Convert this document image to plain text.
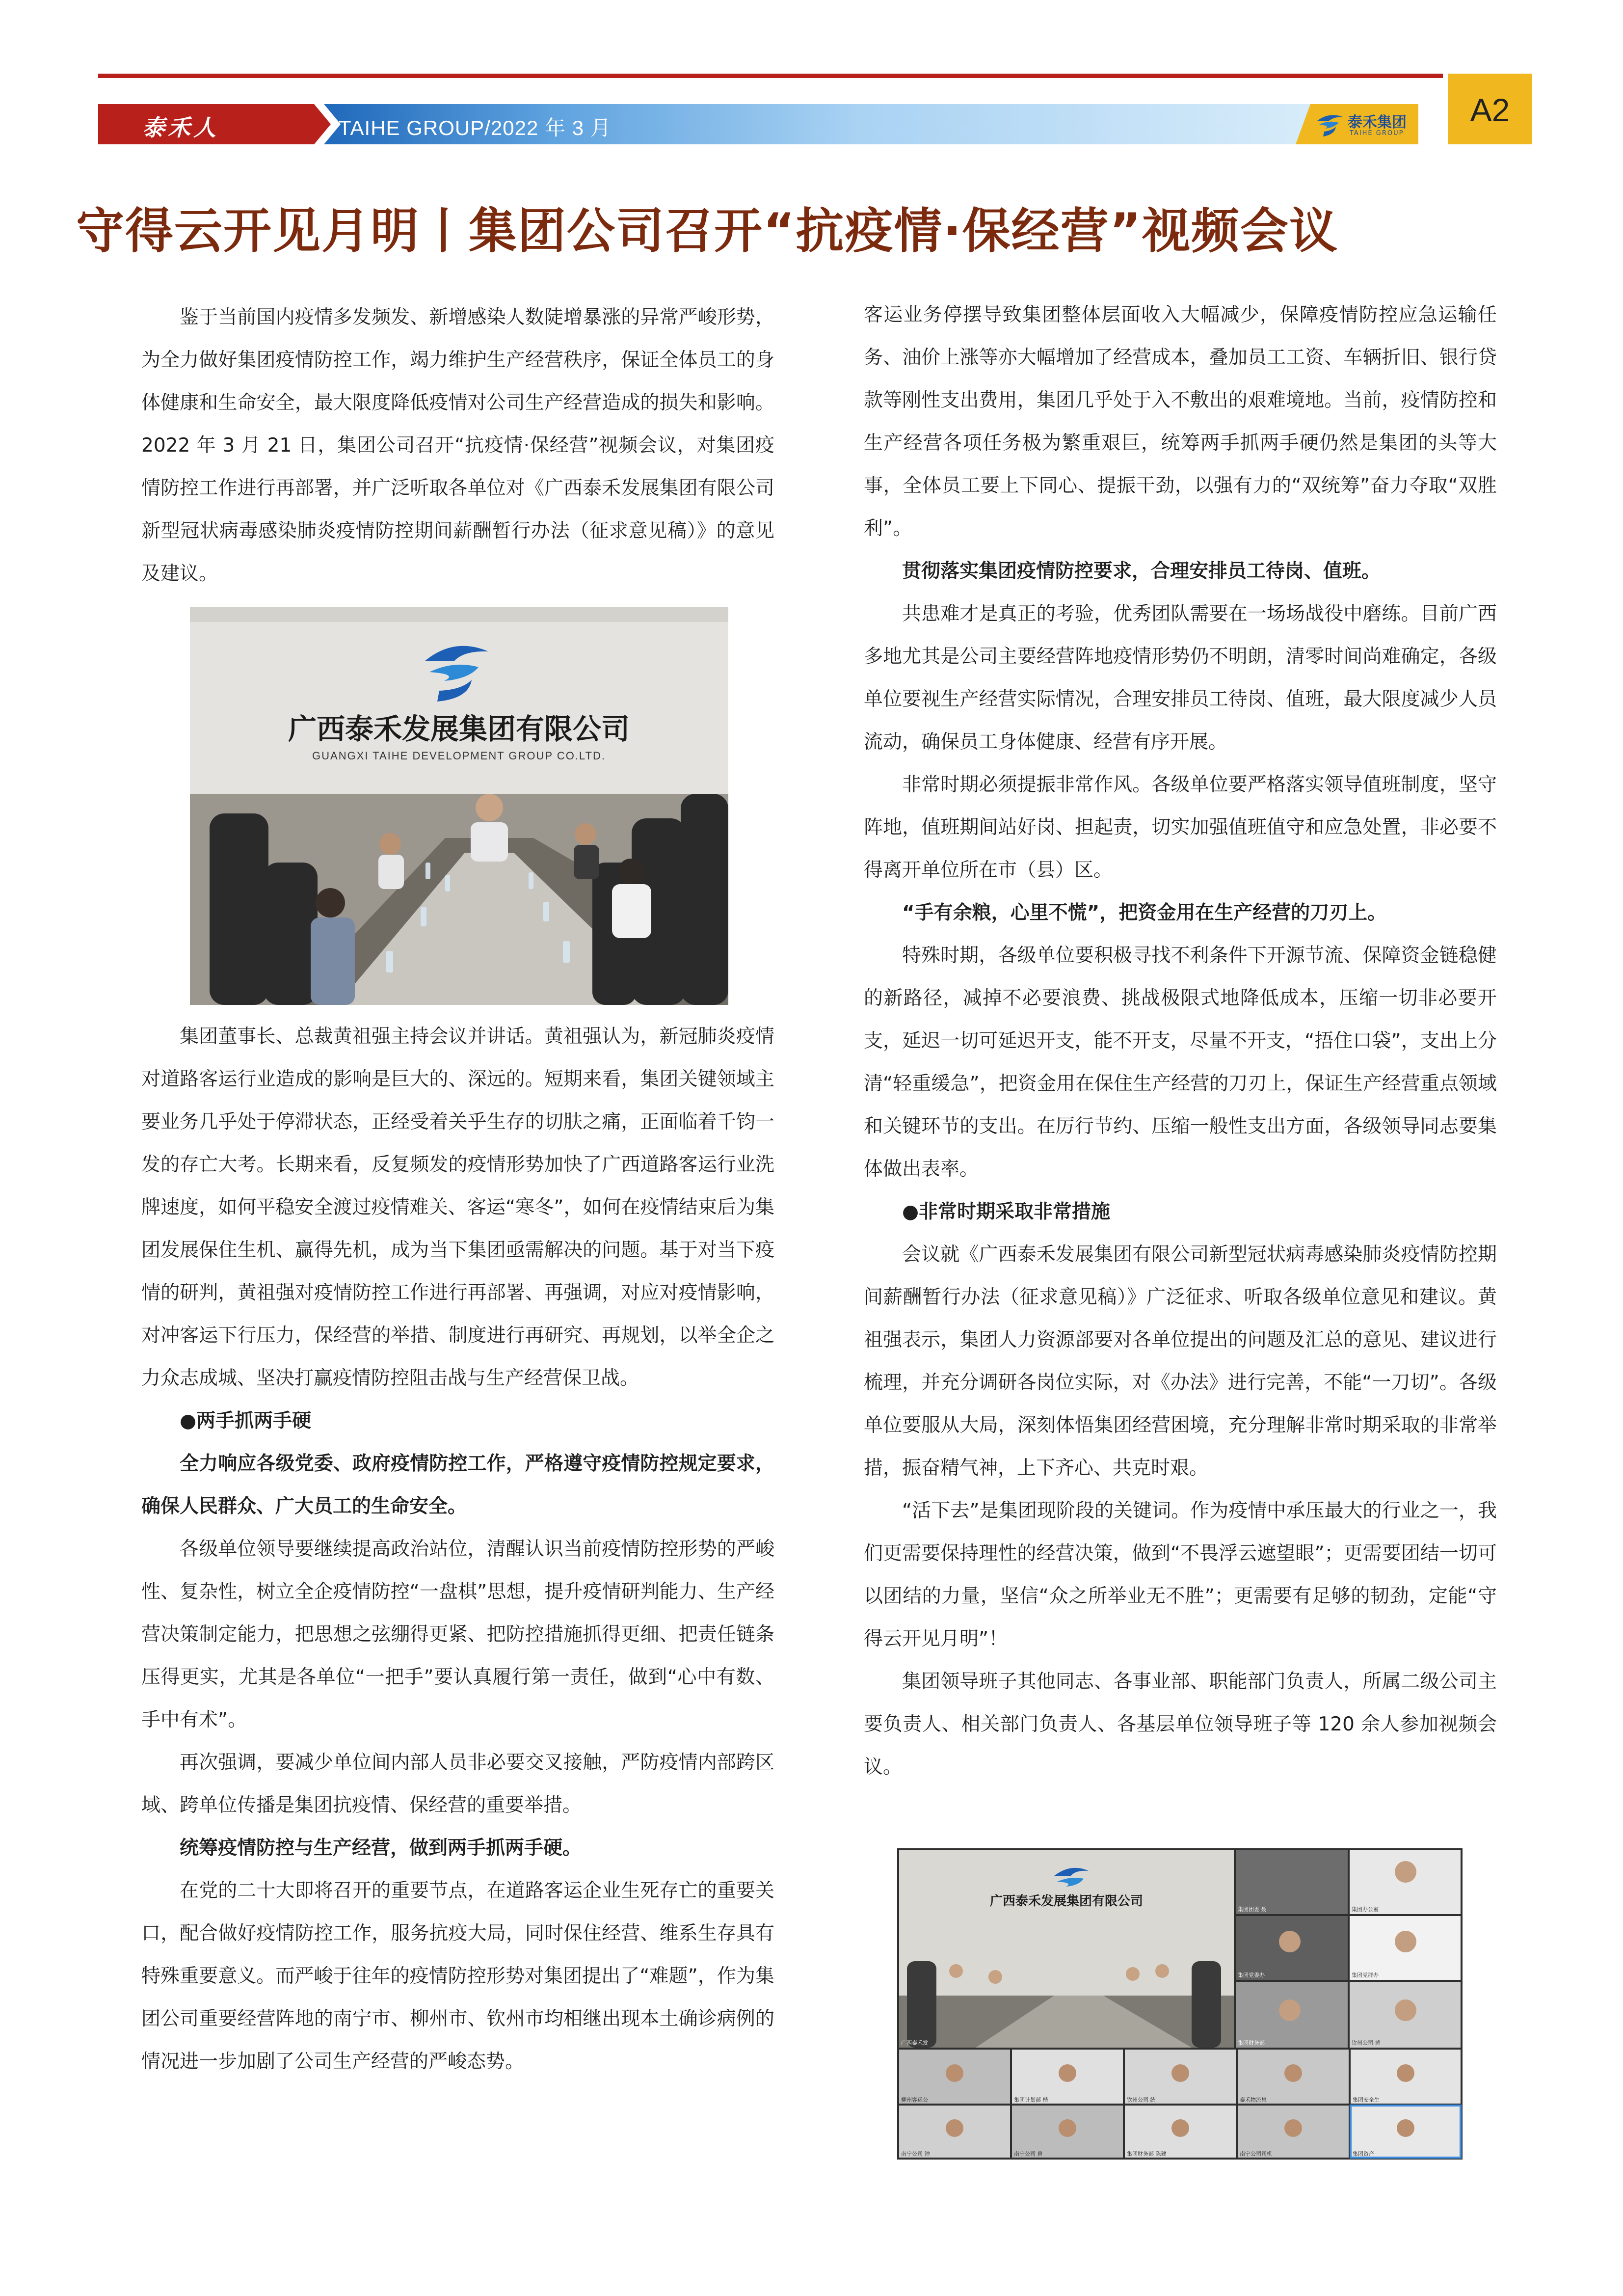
泰禾人	TAIHE GROUP/2022 年 3 月	泰禾集团
TAIHE GROUP
A2
守得云开见月明丨集团公司召开“抗疫情·保经营”视频会议

鉴于当前国内疫情多发频发、新增感染人数陡增暴涨的异常严峻形势，为全力做好集团疫情防控工作，竭力维护生产经营秩序，保证全体员工的身体健康和生命安全，最大限度降低疫情对公司生产经营造成的损失和影响。2022 年 3 月 21 日，集团公司召开“抗疫情·保经营”视频会议，对集团疫情防控工作进行再部署，并广泛听取各单位对《广西泰禾发展集团有限公司新型冠状病毒感染肺炎疫情防控期间薪酬暂行办法（征求意见稿）》的意见及建议。

广西泰禾发展集团有限公司
GUANGXI TAIHE DEVELOPMENT GROUP CO.LTD.

集团董事长、总裁黄祖强主持会议并讲话。黄祖强认为，新冠肺炎疫情对道路客运行业造成的影响是巨大的、深远的。短期来看，集团关键领域主要业务几乎处于停滞状态，正经受着关乎生存的切肤之痛，正面临着千钧一发的存亡大考。长期来看，反复频发的疫情形势加快了广西道路客运行业洗牌速度，如何平稳安全渡过疫情难关、客运“寒冬”，如何在疫情结束后为集团发展保住生机、赢得先机，成为当下集团亟需解决的问题。基于对当下疫情的研判，黄祖强对疫情防控工作进行再部署、再强调，对应对疫情影响，对冲客运下行压力，保经营的举措、制度进行再研究、再规划，以举全企之力众志成城、坚决打赢疫情防控阻击战与生产经营保卫战。

●两手抓两手硬

全力响应各级党委、政府疫情防控工作，严格遵守疫情防控规定要求，确保人民群众、广大员工的生命安全。

各级单位领导要继续提高政治站位，清醒认识当前疫情防控形势的严峻性、复杂性，树立全企疫情防控“一盘棋”思想，提升疫情研判能力、生产经营决策制定能力，把思想之弦绷得更紧、把防控措施抓得更细、把责任链条压得更实，尤其是各单位“一把手”要认真履行第一责任，做到“心中有数、手中有术”。

再次强调，要减少单位间内部人员非必要交叉接触，严防疫情内部跨区域、跨单位传播是集团抗疫情、保经营的重要举措。

统筹疫情防控与生产经营，做到两手抓两手硬。

在党的二十大即将召开的重要节点，在道路客运企业生死存亡的重要关口，配合做好疫情防控工作，服务抗疫大局，同时保住经营、维系生存具有特殊重要意义。而严峻于往年的疫情防控形势对集团提出了“难题”，作为集团公司重要经营阵地的南宁市、柳州市、钦州市均相继出现本土确诊病例的情况进一步加剧了公司生产经营的严峻态势。

客运业务停摆导致集团整体层面收入大幅减少，保障疫情防控应急运输任务、油价上涨等亦大幅增加了经营成本，叠加员工工资、车辆折旧、银行贷款等刚性支出费用，集团几乎处于入不敷出的艰难境地。当前，疫情防控和生产经营各项任务极为繁重艰巨，统筹两手抓两手硬仍然是集团的头等大事，全体员工要上下同心、提振干劲，以强有力的“双统筹”奋力夺取“双胜利”。

贯彻落实集团疫情防控要求，合理安排员工待岗、值班。

共患难才是真正的考验，优秀团队需要在一场场战役中磨练。目前广西多地尤其是公司主要经营阵地疫情形势仍不明朗，清零时间尚难确定，各级单位要视生产经营实际情况，合理安排员工待岗、值班，最大限度减少人员流动，确保员工身体健康、经营有序开展。

非常时期必须提振非常作风。各级单位要严格落实领导值班制度，坚守阵地，值班期间站好岗、担起责，切实加强值班值守和应急处置，非必要不得离开单位所在市（县）区。

“手有余粮，心里不慌”，把资金用在生产经营的刀刃上。

特殊时期，各级单位要积极寻找不利条件下开源节流、保障资金链稳健的新路径，减掉不必要浪费、挑战极限式地降低成本，压缩一切非必要开支，延迟一切可延迟开支，能不开支，尽量不开支，“捂住口袋”，支出上分清“轻重缓急”，把资金用在保住生产经营的刀刃上，保证生产经营重点领域和关键环节的支出。在厉行节约、压缩一般性支出方面，各级领导同志要集体做出表率。

●非常时期采取非常措施

会议就《广西泰禾发展集团有限公司新型冠状病毒感染肺炎疫情防控期间薪酬暂行办法（征求意见稿）》广泛征求、听取各级单位意见和建议。黄祖强表示，集团人力资源部要对各单位提出的问题及汇总的意见、建议进行梳理，并充分调研各岗位实际，对《办法》进行完善，不能“一刀切”。各级单位要服从大局，深刻体悟集团经营困境，充分理解非常时期采取的非常举措，振奋精气神，上下齐心、共克时艰。

“活下去”是集团现阶段的关键词。作为疫情中承压最大的行业之一，我们更需要保持理性的经营决策，做到“不畏浮云遮望眼”；更需要团结一切可以团结的力量，坚信“众之所举业无不胜”；更需要有足够的韧劲，定能“守得云开见月明”！

集团领导班子其他同志、各事业部、职能部门负责人，所属二级公司主要负责人、相关部门负责人、各基层单位领导班子等 120 余人参加视频会议。

广西泰禾发展集团有限公司
集团团委 聂	集团办公室
集团党委办	集团党群办
钦州公司 黄
广西泰禾发	集团财务部
柳州客运公	集团计划部 楷	钦州公司 统	泰禾物流集	集团安全生
南宁公司 钟	南宁公司 曾	集团财务部 陈建	南宁公司司机	集团资产
